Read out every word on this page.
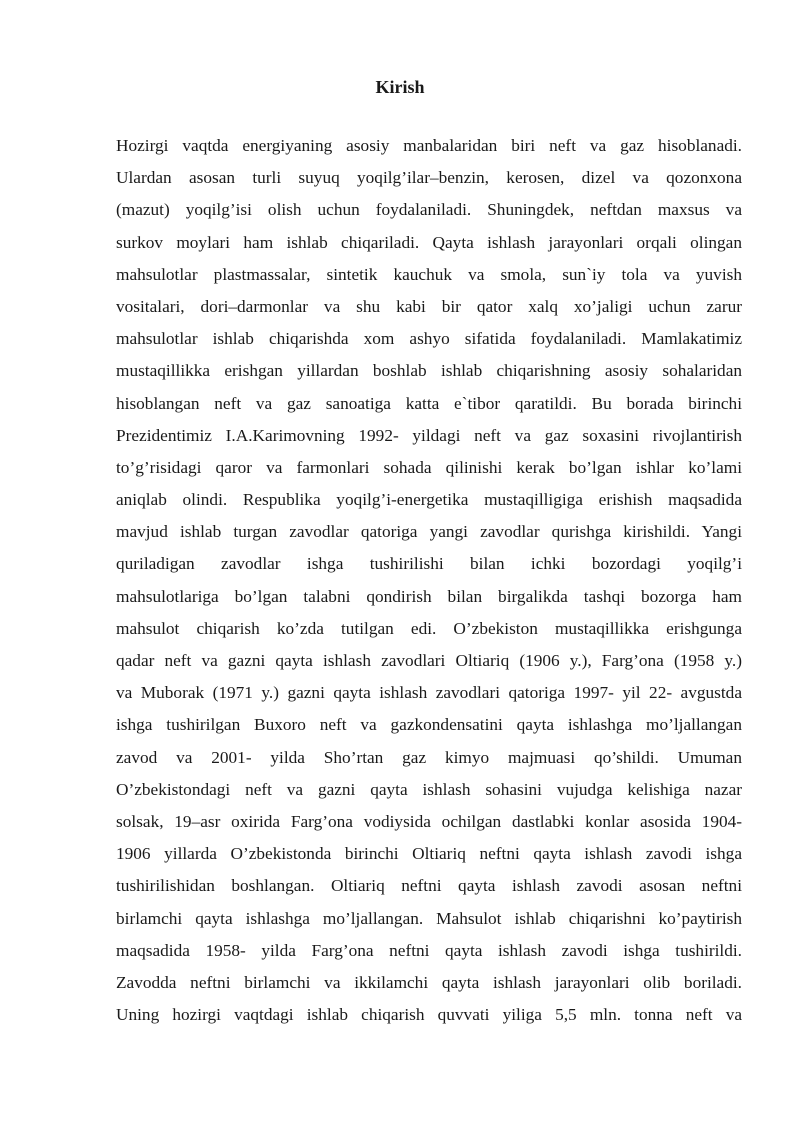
Kirish
Hozirgi vaqtda energiyaning asosiy manbalaridan biri neft va gaz hisoblanadi.
Ulardan asosan turli suyuq yoqilg’ilar–benzin, kerosen, dizel va qozonxona
(mazut) yoqilg’isi olish uchun foydalaniladi. Shuningdek, neftdan maxsus va
surkov moylari ham ishlab chiqariladi. Qayta ishlash jarayonlari orqali olingan
mahsulotlar plastmassalar, sintetik kauchuk va smola, sun`iy tola va yuvish
vositalari, dori–darmonlar va shu kabi bir qator xalq xo’jaligi uchun zarur
mahsulotlar ishlab chiqarishda xom ashyo sifatida foydalaniladi. Mamlakatimiz
mustaqillikka erishgan yillardan boshlab ishlab chiqarishning asosiy sohalaridan
hisoblangan neft va gaz sanoatiga katta e`tibor qaratildi. Bu borada birinchi
Prezidentimiz I.A.Karimovning 1992- yildagi neft va gaz soxasini rivojlantirish
to’g’risidagi qaror va farmonlari sohada qilinishi kerak bo’lgan ishlar ko’lami
aniqlab olindi. Respublika yoqilg’i-energetika mustaqilligiga erishish maqsadida
mavjud ishlab turgan zavodlar qatoriga yangi zavodlar qurishga kirishildi. Yangi
quriladigan zavodlar ishga tushirilishi bilan ichki bozordagi yoqilg’i
mahsulotlariga bo’lgan talabni qondirish bilan birgalikda tashqi bozorga ham
mahsulot chiqarish ko’zda tutilgan edi. O’zbekiston mustaqillikka erishgunga
qadar neft va gazni qayta ishlash zavodlari Oltiariq (1906 y.), Farg’ona (1958 y.)
va Muborak (1971 y.) gazni qayta ishlash zavodlari qatoriga 1997- yil 22- avgustda
ishga tushirilgan Buxoro neft va gazkondensatini qayta ishlashga mo’ljallangan
zavod va 2001- yilda Sho’rtan gaz kimyo majmuasi qo’shildi. Umuman
O’zbekistondagi neft va gazni qayta ishlash sohasini vujudga kelishiga nazar
solsak, 19–asr oxirida Farg’ona vodiysida ochilgan dastlabki konlar asosida 1904-
1906 yillarda O’zbekistonda birinchi Oltiariq neftni qayta ishlash zavodi ishga
tushirilishidan boshlangan. Oltiariq neftni qayta ishlash zavodi asosan neftni
birlamchi qayta ishlashga mo’ljallangan. Mahsulot ishlab chiqarishni ko’paytirish
maqsadida 1958- yilda Farg’ona neftni qayta ishlash zavodi ishga tushirildi.
Zavodda neftni birlamchi va ikkilamchi qayta ishlash jarayonlari olib boriladi.
Uning hozirgi vaqtdagi ishlab chiqarish quvvati yiliga 5,5 mln. tonna neft va
